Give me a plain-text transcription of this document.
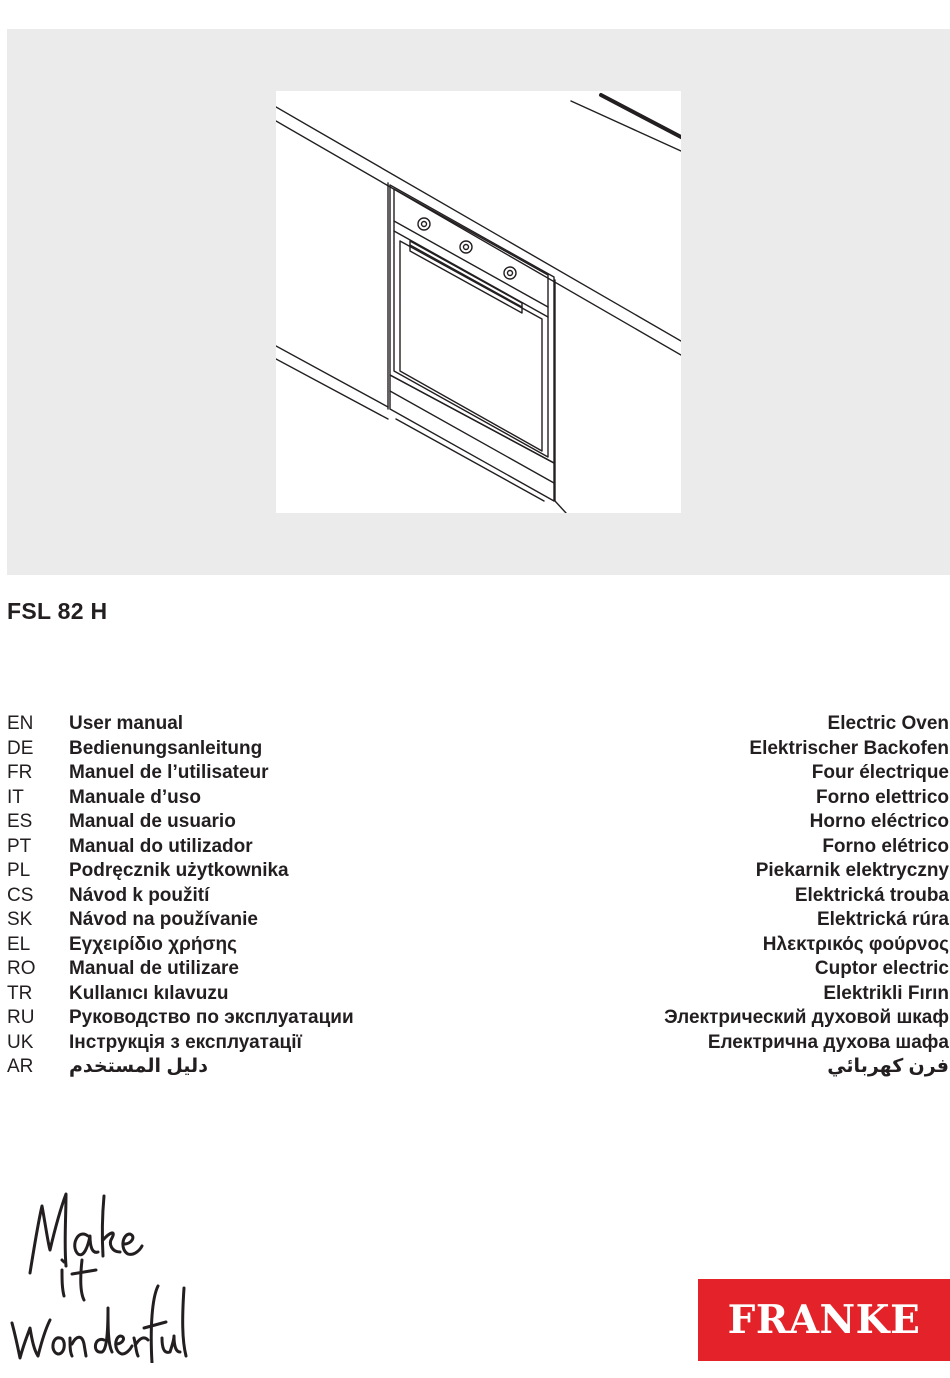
FSL 82 H
EN User manual	Electric Oven
DE Bedienungsanleitung	Elektrischer Backofen
FR Manuel de l’utilisateur	Four électrique
IT Manuale d’uso	Forno elettrico
ES Manual de usuario	Horno eléctrico
PT Manual do utilizador	Forno elétrico
PL Podręcznik użytkownika	Piekarnik elektryczny
CS Návod k použití	Elektrická trouba
SK Návod na používanie	Elektrická rúra
EL Εγχειρίδιο χρήσης	Ηλεκτρικός φούρνος
RO Manual de utilizare	Cuptor electric
TR Kullanıcı kılavuzu	Elektrikli Fırın
RU Руководство по эксплуатации	Электрический духовой шкаф
UK Інструкція з експлуатації	Електрична духова шафа
AR دليل المستخدم	فرن كهربائي
FRANKE
